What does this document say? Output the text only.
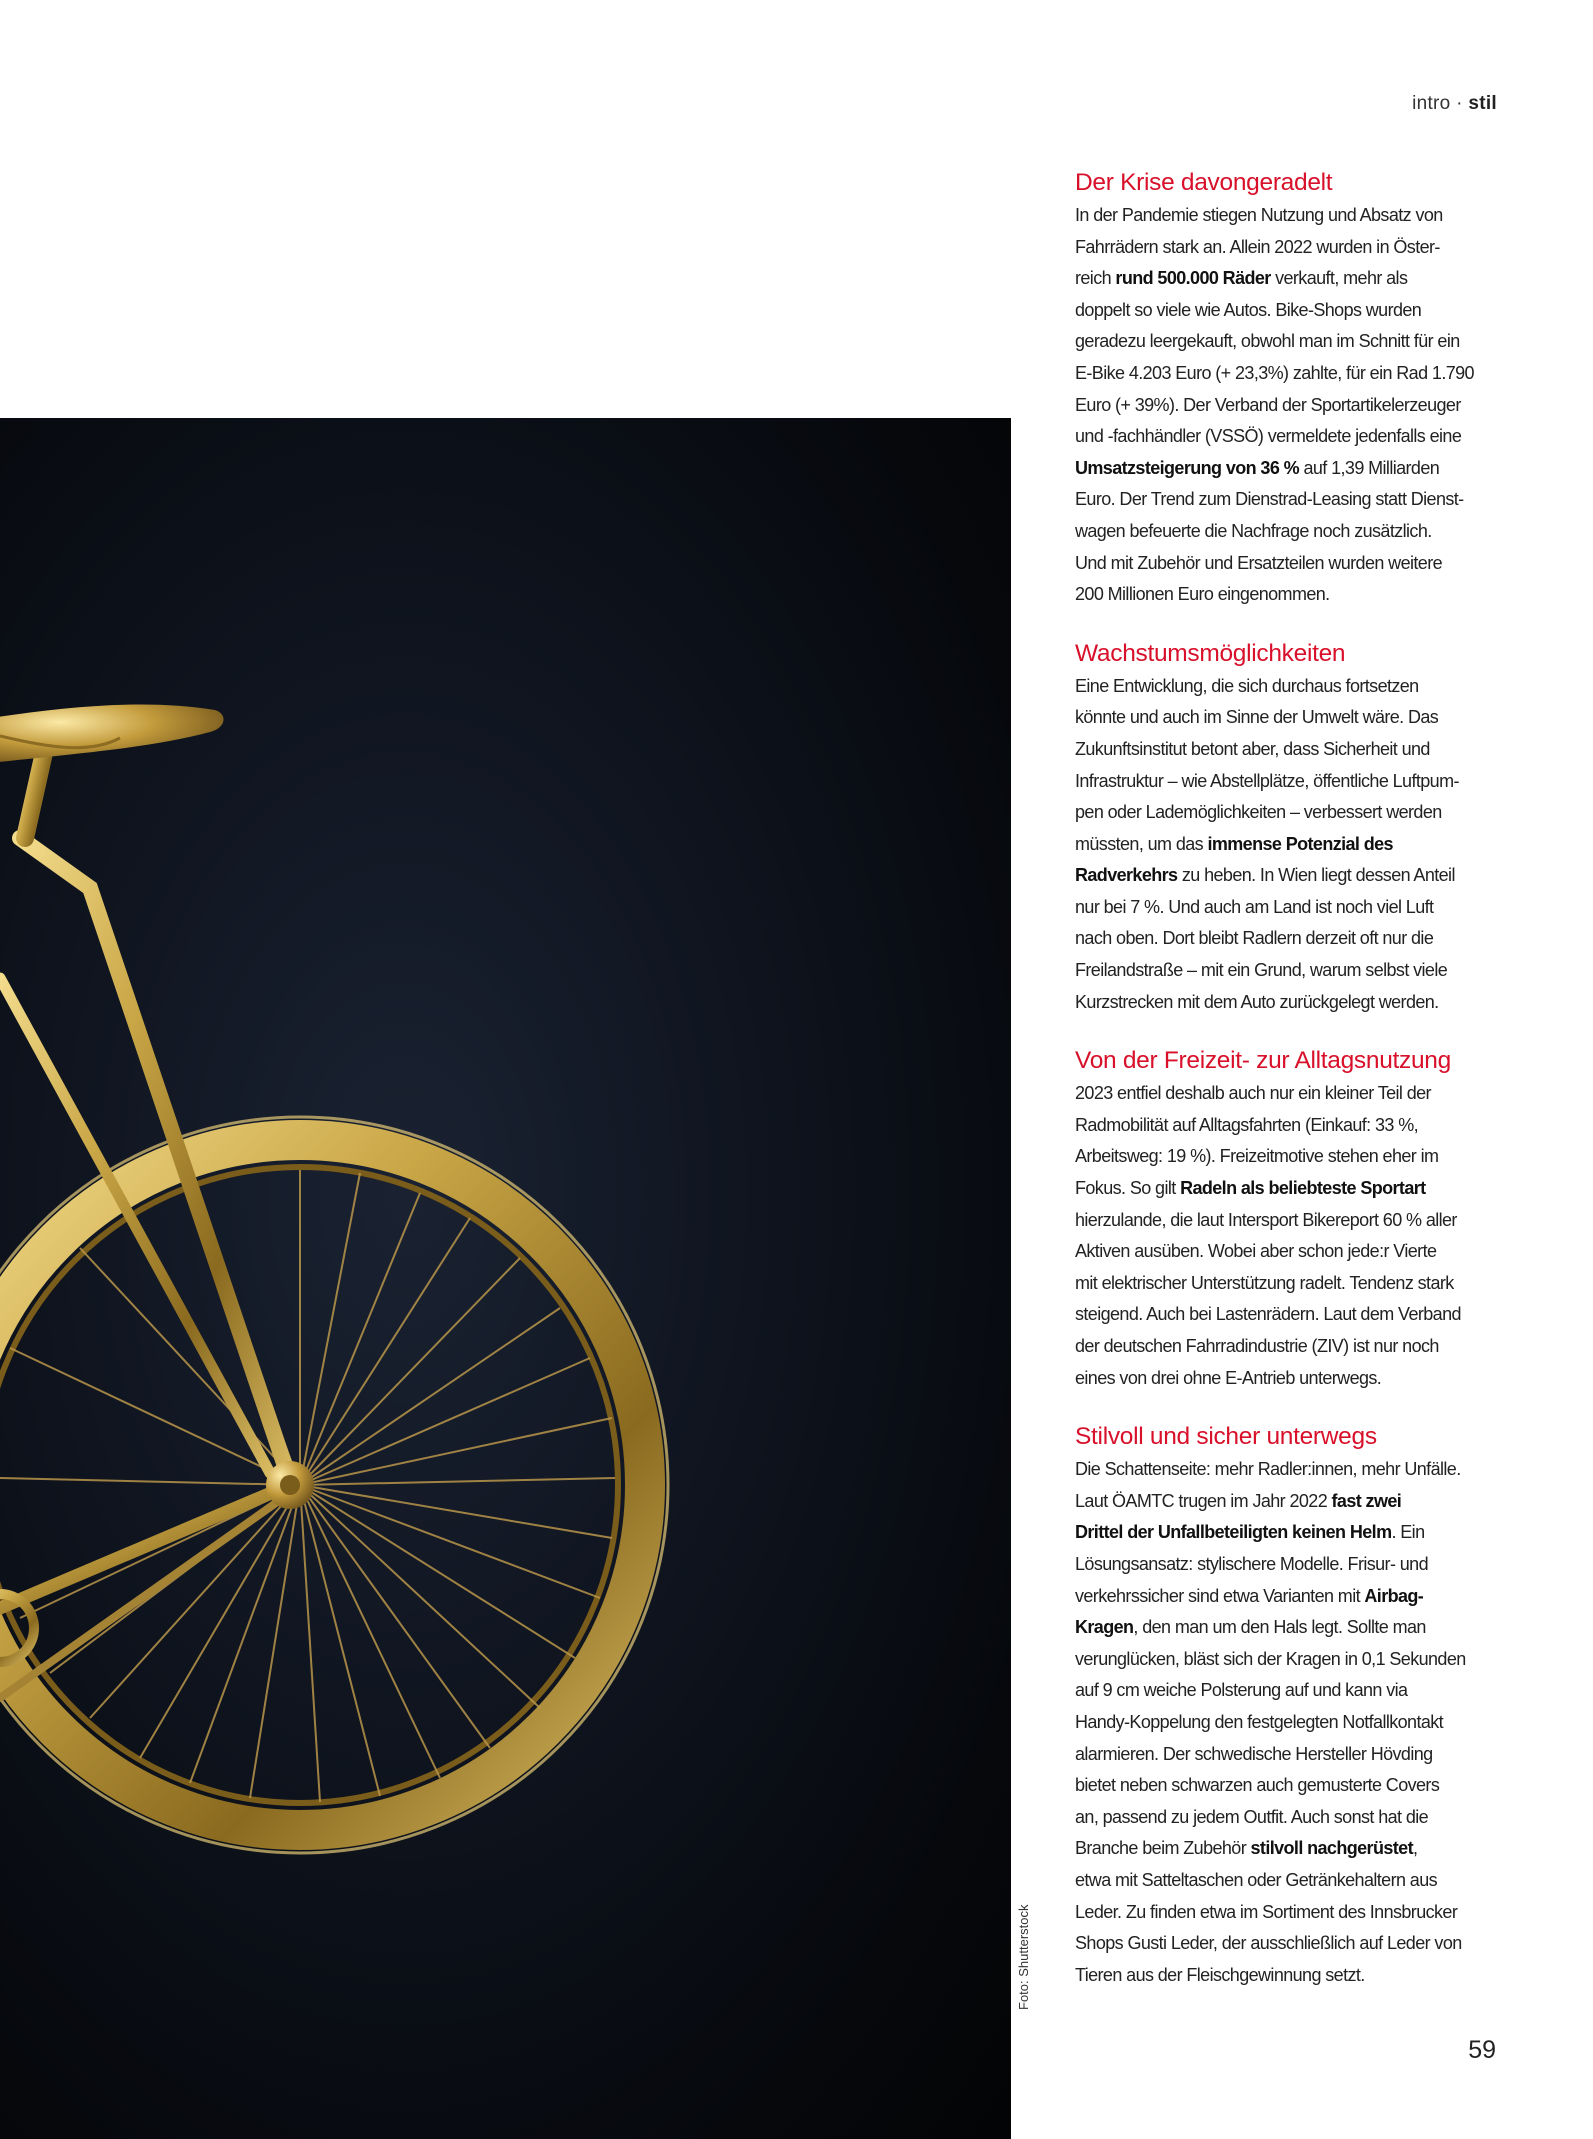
intro · stil
Foto: Shutterstock
Der Krise davongeradelt

In der Pandemie stiegen Nutzung und Absatz von
Fahrrädern stark an. Allein 2022 wurden in Öster-
reich rund 500.000 Räder verkauft, mehr als
doppelt so viele wie Autos. Bike-Shops wurden
geradezu leergekauft, obwohl man im Schnitt für ein
E-Bike 4.203 Euro (+ 23,3%) zahlte, für ein Rad 1.790
Euro (+ 39%). Der Verband der Sportartikelerzeuger
und -fachhändler (VSSÖ) vermeldete jedenfalls eine
Umsatzsteigerung von 36 % auf 1,39 Milliarden
Euro. Der Trend zum Dienstrad-Leasing statt Dienst-
wagen befeuerte die Nachfrage noch zusätzlich.
Und mit Zubehör und Ersatzteilen wurden weitere
200 Millionen Euro eingenommen.

Wachstumsmöglichkeiten

Eine Entwicklung, die sich durchaus fortsetzen
könnte und auch im Sinne der Umwelt wäre. Das
Zukunftsinstitut betont aber, dass Sicherheit und
Infrastruktur – wie Abstellplätze, öffentliche Luftpum-
pen oder Lademöglichkeiten – verbessert werden
müssten, um das immense Potenzial des
Radverkehrs zu heben. In Wien liegt dessen Anteil
nur bei 7 %. Und auch am Land ist noch viel Luft
nach oben. Dort bleibt Radlern derzeit oft nur die
Freilandstraße – mit ein Grund, warum selbst viele
Kurzstrecken mit dem Auto zurückgelegt werden.

Von der Freizeit- zur Alltagsnutzung

2023 entfiel deshalb auch nur ein kleiner Teil der
Radmobilität auf Alltagsfahrten (Einkauf: 33 %,
Arbeitsweg: 19 %). Freizeitmotive stehen eher im
Fokus. So gilt Radeln als beliebteste Sportart
hierzulande, die laut Intersport Bikereport 60 % aller
Aktiven ausüben. Wobei aber schon jede:r Vierte
mit elektrischer Unterstützung radelt. Tendenz stark
steigend. Auch bei Lastenrädern. Laut dem Verband
der deutschen Fahrradindustrie (ZIV) ist nur noch
eines von drei ohne E-Antrieb unterwegs.

Stilvoll und sicher unterwegs

Die Schattenseite: mehr Radler:innen, mehr Unfälle.
Laut ÖAMTC trugen im Jahr 2022 fast zwei
Drittel der Unfallbeteiligten keinen Helm. Ein
Lösungsansatz: stylischere Modelle. Frisur- und
verkehrssicher sind etwa Varianten mit Airbag-
Kragen, den man um den Hals legt. Sollte man
verunglücken, bläst sich der Kragen in 0,1 Sekunden
auf 9 cm weiche Polsterung auf und kann via
Handy-Koppelung den festgelegten Notfallkontakt
alarmieren. Der schwedische Hersteller Hövding
bietet neben schwarzen auch gemusterte Covers
an, passend zu jedem Outfit. Auch sonst hat die
Branche beim Zubehör stilvoll nachgerüstet,
etwa mit Satteltaschen oder Getränkehaltern aus
Leder. Zu finden etwa im Sortiment des Innsbrucker
Shops Gusti Leder, der ausschließlich auf Leder von
Tieren aus der Fleischgewinnung setzt.

59
